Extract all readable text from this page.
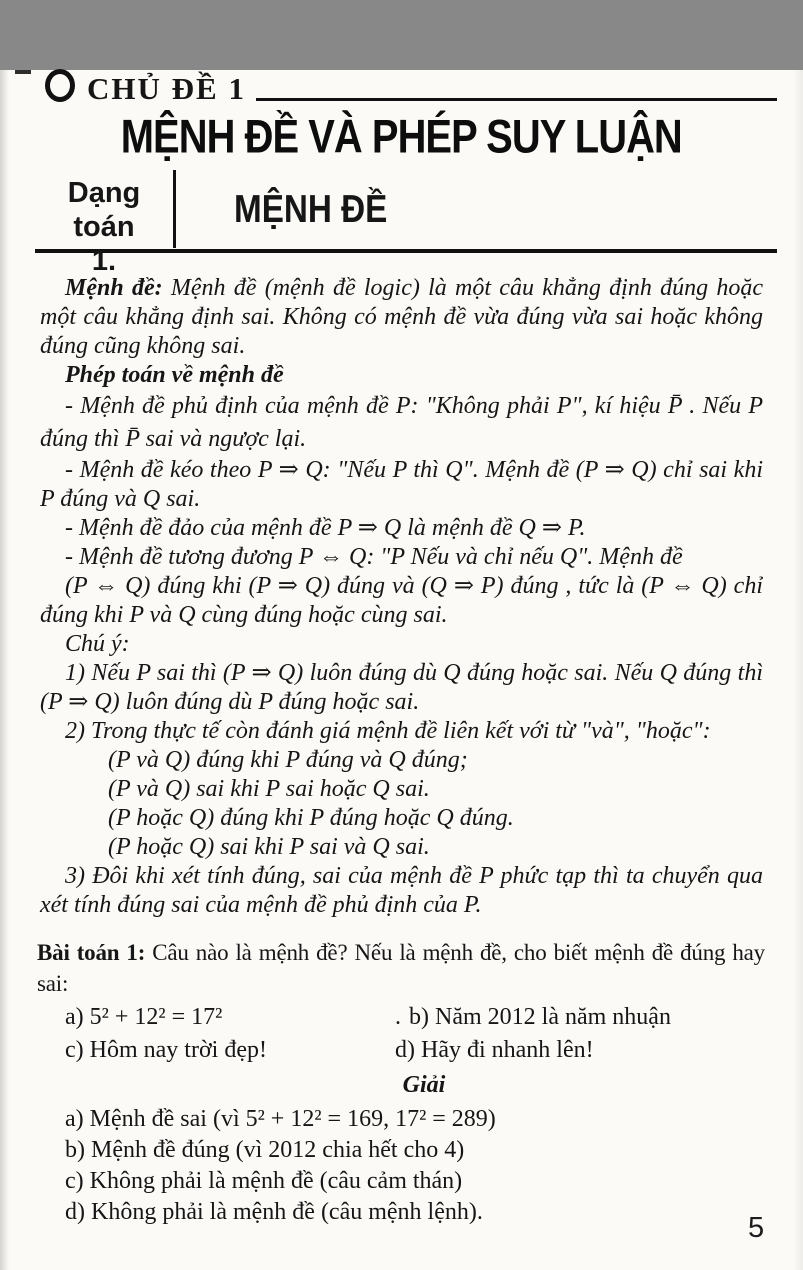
CHỦ ĐỀ 1
MỆNH ĐỀ VÀ PHÉP SUY LUẬN
Dạng toán
1.
MỆNH ĐỀ

Mệnh đề: Mệnh đề (mệnh đề logic) là một câu khẳng định đúng hoặc một câu khẳng định sai. Không có mệnh đề vừa đúng vừa sai hoặc không đúng cũng không sai.

Phép toán về mệnh đề

- Mệnh đề phủ định của mệnh đề P: "Không phải P", kí hiệu P̄ . Nếu P đúng thì P̄ sai và ngược lại.

- Mệnh đề kéo theo P ⇒ Q: "Nếu P thì Q". Mệnh đề (P ⇒ Q) chỉ sai khi P đúng và Q sai.

- Mệnh đề đảo của mệnh đề P ⇒ Q là mệnh đề Q ⇒ P.

- Mệnh đề tương đương P ⇔ Q: "P Nếu và chỉ nếu Q". Mệnh đề

(P ⇔ Q) đúng khi (P ⇒ Q) đúng và (Q ⇒ P) đúng , tức là (P ⇔ Q) chỉ đúng khi P và Q cùng đúng hoặc cùng sai.

Chú ý:

1) Nếu P sai thì (P ⇒ Q) luôn đúng dù Q đúng hoặc sai. Nếu Q đúng thì (P ⇒ Q) luôn đúng dù P đúng hoặc sai.

2) Trong thực tế còn đánh giá mệnh đề liên kết với từ "và", "hoặc":

(P và Q) đúng khi P đúng và Q đúng;

(P và Q) sai khi P sai hoặc Q sai.

(P hoặc Q) đúng khi P đúng hoặc Q đúng.

(P hoặc Q) sai khi P sai và Q sai.

3) Đôi khi xét tính đúng, sai của mệnh đề P phức tạp thì ta chuyển qua xét tính đúng sai của mệnh đề phủ định của P.

Bài toán 1: Câu nào là mệnh đề? Nếu là mệnh đề, cho biết mệnh đề đúng hay sai:

a) 5² + 12² = 17²	. b) Năm 2012 là năm nhuận
c) Hôm nay trời đẹp!	d) Hãy đi nhanh lên!

Giải

a) Mệnh đề sai (vì 5² + 12² = 169, 17² = 289)

b) Mệnh đề đúng (vì 2012 chia hết cho 4)

c) Không phải là mệnh đề (câu cảm thán)

d) Không phải là mệnh đề (câu mệnh lệnh).	5
